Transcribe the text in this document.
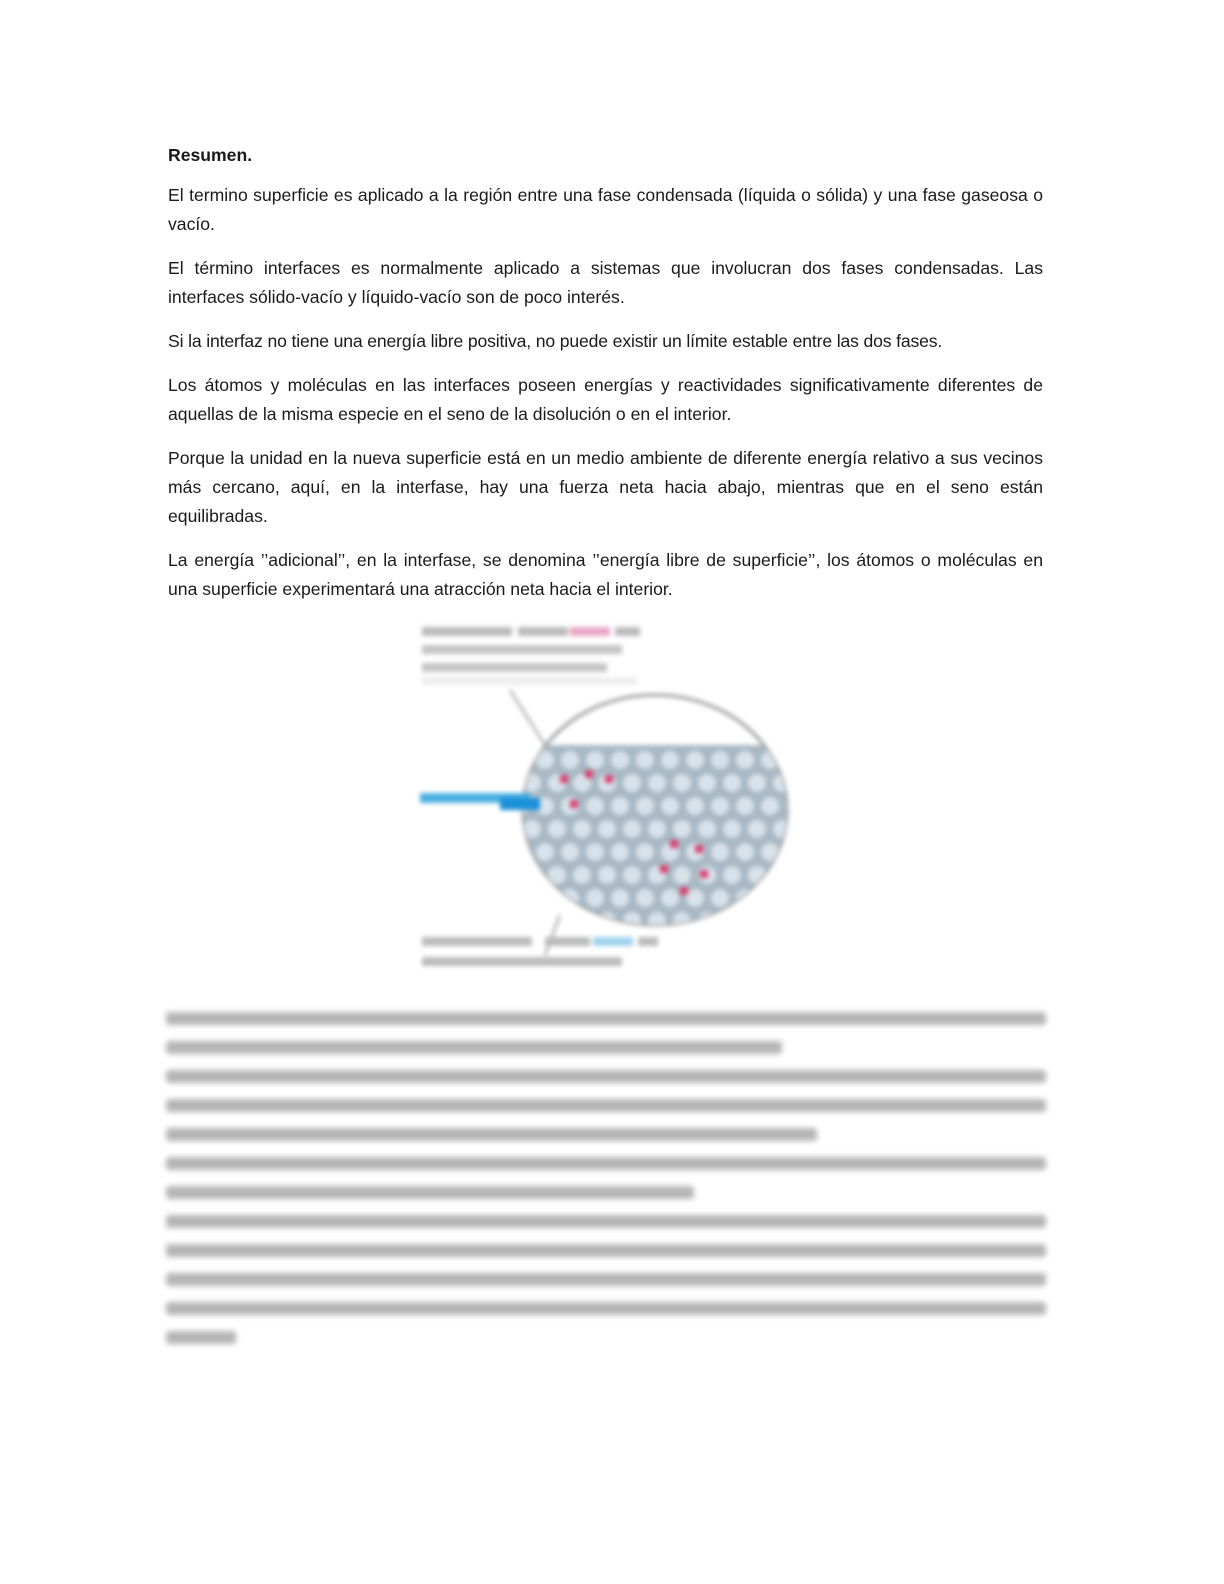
Resumen.

El termino superficie es aplicado a la región entre una fase condensada (líquida o sólida) y una fase gaseosa o vacío.

El término interfaces es normalmente aplicado a sistemas que involucran dos fases condensadas. Las interfaces sólido-vacío y líquido-vacío son de poco interés.

Si la interfaz no tiene una energía libre positiva, no puede existir un límite estable entre las dos fases.

Los átomos y moléculas en las interfaces poseen energías y reactividades significativamente diferentes de aquellas de la misma especie en el seno de la disolución o en el interior.

Porque la unidad en la nueva superficie está en un medio ambiente de diferente energía relativo a sus vecinos más cercano, aquí, en la interfase, hay una fuerza neta hacia abajo, mientras que en el seno están equilibradas.

La energía ’’adicional’’, en la interfase, se denomina ’’energía libre de superficie’’, los átomos o moléculas en una superficie experimentará una atracción neta hacia el interior.
